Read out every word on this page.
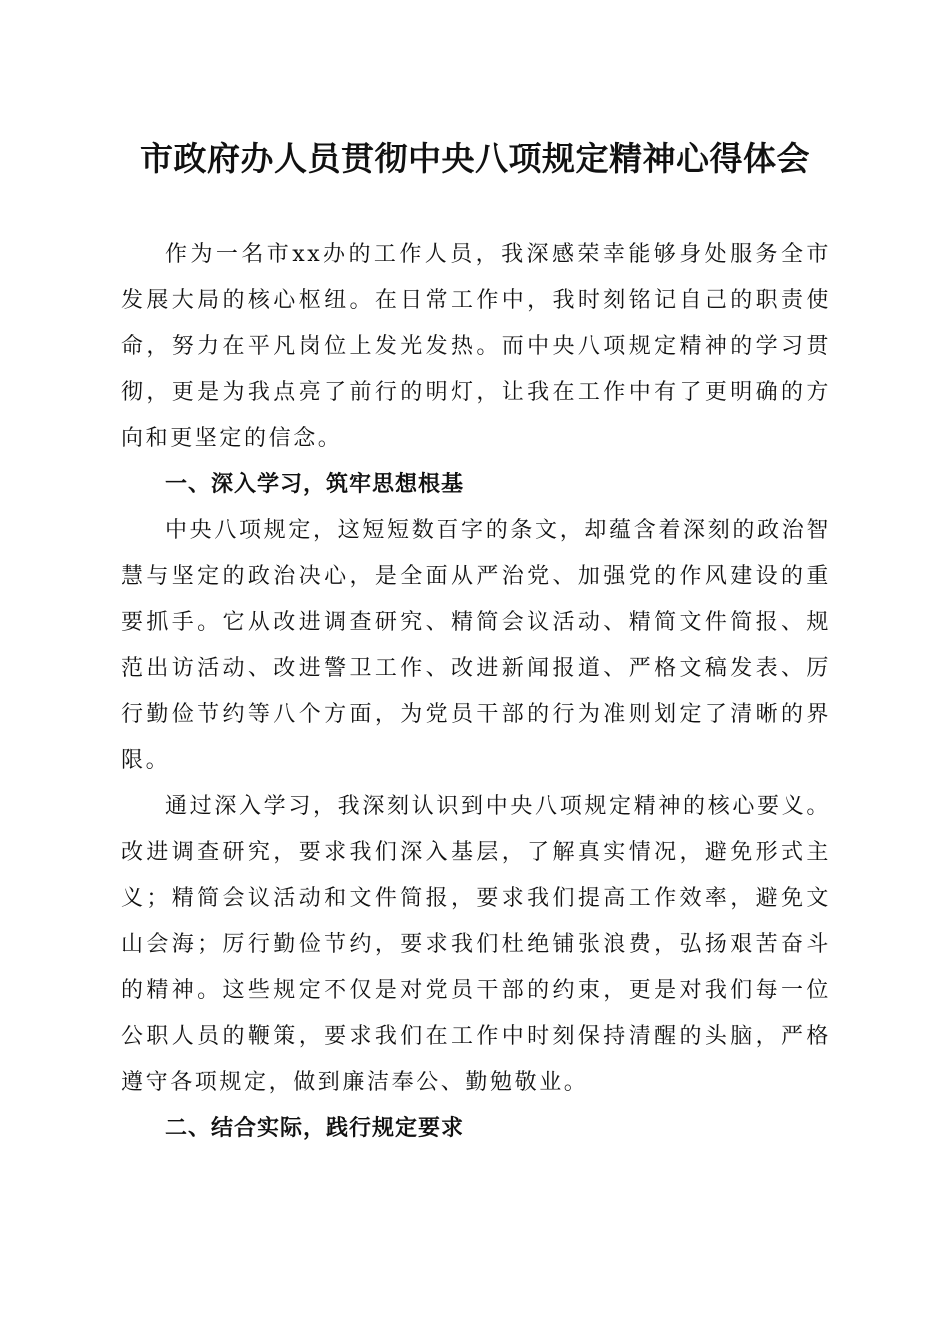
市政府办人员贯彻中央八项规定精神心得体会

作为一名市xx办的工作人员，我深感荣幸能够身处服务全市发展大局的核心枢纽。在日常工作中，我时刻铭记自己的职责使命，努力在平凡岗位上发光发热。而中央八项规定精神的学习贯彻，更是为我点亮了前行的明灯，让我在工作中有了更明确的方向和更坚定的信念。

一、深入学习，筑牢思想根基

中央八项规定，这短短数百字的条文，却蕴含着深刻的政治智慧与坚定的政治决心，是全面从严治党、加强党的作风建设的重要抓手。它从改进调查研究、精简会议活动、精简文件简报、规范出访活动、改进警卫工作、改进新闻报道、严格文稿发表、厉行勤俭节约等八个方面，为党员干部的行为准则划定了清晰的界限。

通过深入学习，我深刻认识到中央八项规定精神的核心要义。改进调查研究，要求我们深入基层，了解真实情况，避免形式主义；精简会议活动和文件简报，要求我们提高工作效率，避免文山会海；厉行勤俭节约，要求我们杜绝铺张浪费，弘扬艰苦奋斗的精神。这些规定不仅是对党员干部的约束，更是对我们每一位公职人员的鞭策，要求我们在工作中时刻保持清醒的头脑，严格遵守各项规定，做到廉洁奉公、勤勉敬业。

二、结合实际，践行规定要求
